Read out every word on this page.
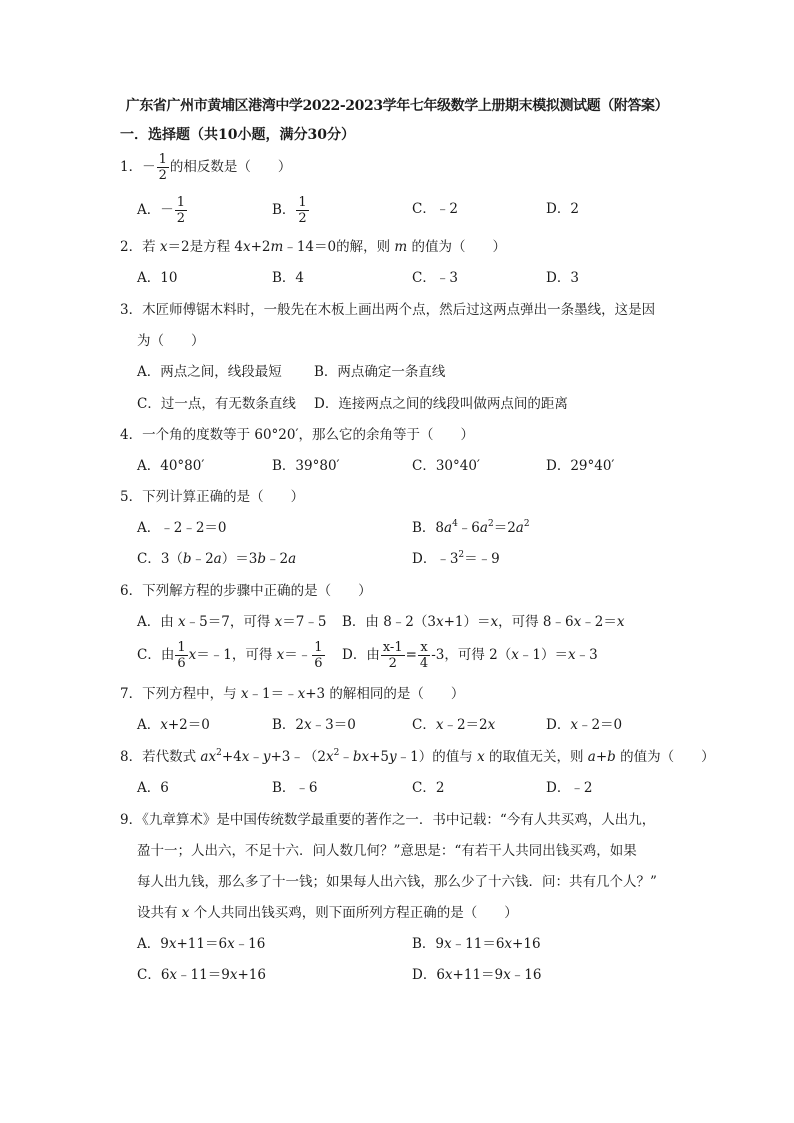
广东省广州市黄埔区港湾中学2022-2023学年七年级数学上册期末模拟测试题（附答案）
一．选择题（共10小题，满分30分）
1．－ $\frac{1}{2}$ 的相反数是（　　）
A．－ $\frac{1}{2}$	B． $\frac{1}{2}$	C．﹣2	D．2
2．若 x＝2是方程 4x+2m﹣14＝0的解，则 m 的值为（　　）
A．10	B．4	C．﹣3	D．3
3．木匠师傅锯木料时，一般先在木板上画出两个点，然后过这两点弹出一条墨线，这是因
为（　　）
A．两点之间，线段最短 B．两点确定一条直线
C．过一点，有无数条直线 D．连接两点之间的线段叫做两点间的距离
4．一个角的度数等于 60°20′，那么它的余角等于（　　）
A．40°80′	B．39°80′	C．30°40′	D．29°40′
5．下列计算正确的是（　　）
A．﹣2﹣2＝0	B．$8a^4﹣6a^2=2a^2$
C．3（b﹣2a）＝3b﹣2a	D．$﹣3^2=﹣9$
6．下列解方程的步骤中正确的是（　　）
A．由 x﹣5＝7，可得 x＝7﹣5 B．由 8﹣2（3x+1）＝x，可得 8﹣6x﹣2＝x
C．由 $\frac{1}{6}$ x＝﹣1，可得 x＝﹣ $\frac{1}{6}$ D．由 $\frac{x-1}{2} = \frac{x}{4} -3$，可得 2（x﹣1）＝x﹣3
7．下列方程中，与 x﹣1＝﹣x+3 的解相同的是（　　）
A．x+2＝0	B．2x﹣3＝0	C．x﹣2＝2x	D．x﹣2＝0
8．若代数式 $ax^2+4x﹣y+3﹣(2x^2﹣bx+5y﹣1)$的值与 x 的取值无关，则 a+b 的值为（　　）
A．6	B．﹣6	C．2	D．﹣2
9．《九章算术》是中国传统数学最重要的著作之一．书中记载：“今有人共买鸡，人出九，
盈十一；人出六，不足十六．问人数几何？”意思是：“有若干人共同出钱买鸡，如果
每人出九钱，那么多了十一钱；如果每人出六钱，那么少了十六钱．问：共有几个人？”
设共有 x 个人共同出钱买鸡，则下面所列方程正确的是（　　）
A．9x+11＝6x﹣16	B．9x﹣11＝6x+16
C．6x﹣11＝9x+16	D．6x+11＝9x﹣16
